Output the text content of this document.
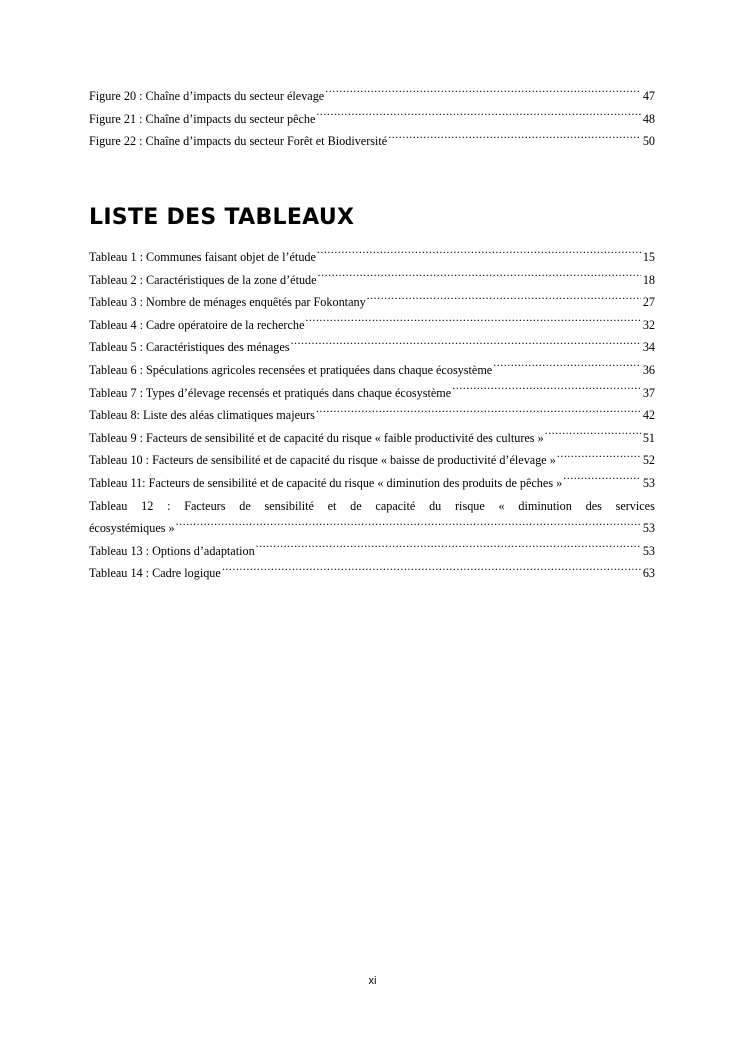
Figure 20 : Chaîne d’impacts du secteur élevage .....	47
Figure 21 : Chaîne d’impacts du secteur pêche .....	48
Figure 22 : Chaîne d’impacts du secteur Forêt et Biodiversité .....	50
LISTE DES TABLEAUX
Tableau 1 : Communes faisant objet de l’étude .....	15
Tableau 2 : Caractéristiques de la zone d’étude .....	18
Tableau 3 : Nombre de ménages enquêtés par Fokontany .....	27
Tableau 4 : Cadre opératoire de la recherche .....	32
Tableau 5 : Caractéristiques des ménages .....	34
Tableau 6 : Spéculations agricoles recensées et pratiquées dans chaque écosystème .....	36
Tableau 7 : Types d’élevage recensés et pratiqués dans chaque écosystème .....	37
Tableau 8: Liste des aléas climatiques majeurs .....	42
Tableau 9 : Facteurs de sensibilité et de capacité du risque « faible productivité des cultures » .....	51
Tableau 10 : Facteurs de sensibilité et de capacité du risque « baisse de productivité d’élevage » .....	52
Tableau 11: Facteurs de sensibilité et de capacité du risque « diminution des produits de pêches » .....	53
Tableau 12 : Facteurs de sensibilité et de capacité du risque « diminution des services
écosystémiques » .....	53
Tableau 13 : Options d’adaptation .....	53
Tableau 14 : Cadre logique .....	63
xi
